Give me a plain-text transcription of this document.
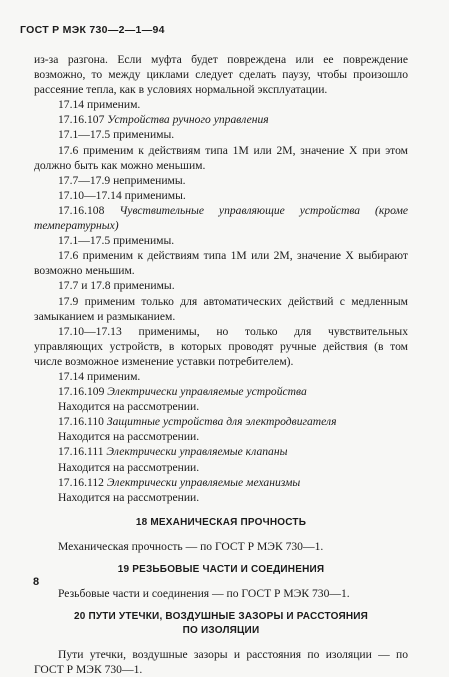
ГОСТ Р МЭК 730—2—1—94

из-за разгона. Если муфта будет повреждена или ее повреждение возможно, то между циклами следует сделать паузу, чтобы произошло рассеяние тепла, как в условиях нормальной эксплуатации.

17.14 применим.

17.16.107 Устройства ручного управления

17.1—17.5 применимы.

17.6 применим к действиям типа 1М или 2М, значение X при этом должно быть как можно меньшим.

17.7—17.9 неприменимы.

17.10—17.14 применимы.

17.16.108 Чувствительные управляющие устройства (кроме температурных)

17.1—17.5 применимы.

17.6 применим к действиям типа 1М или 2М, значение X выбирают возможно меньшим.

17.7 и 17.8 применимы.

17.9 применим только для автоматических действий с медленным замыканием и размыканием.

17.10—17.13 применимы, но только для чувствительных управляющих устройств, в которых проводят ручные действия (в том числе возможное изменение уставки потребителем).

17.14 применим.

17.16.109 Электрически управляемые устройства

Находится на рассмотрении.

17.16.110 Защитные устройства для электродвигателя

Находится на рассмотрении.

17.16.111 Электрически управляемые клапаны

Находится на рассмотрении.

17.16.112 Электрически управляемые механизмы

Находится на рассмотрении.

18 МЕХАНИЧЕСКАЯ ПРОЧНОСТЬ

Механическая прочность — по ГОСТ Р МЭК 730—1.

19 РЕЗЬБОВЫЕ ЧАСТИ И СОЕДИНЕНИЯ

Резьбовые части и соединения — по ГОСТ Р МЭК 730—1.

20 ПУТИ УТЕЧКИ, ВОЗДУШНЫЕ ЗАЗОРЫ И РАССТОЯНИЯ

ПО ИЗОЛЯЦИИ

Пути утечки, воздушные зазоры и расстояния по изоляции — по ГОСТ Р МЭК 730—1.

8
